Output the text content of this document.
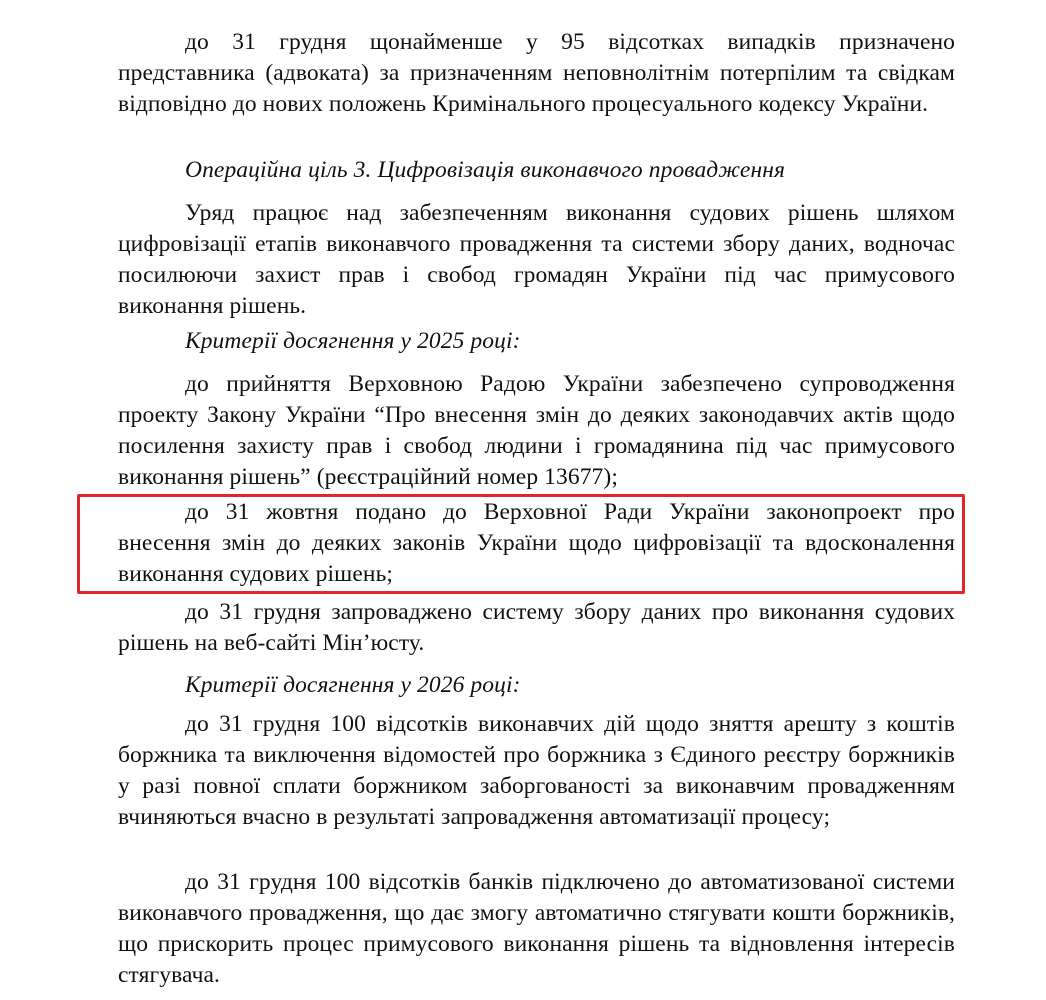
до 31 грудня щонайменше у 95 відсотках випадків призначено представника (адвоката) за призначенням неповнолітнім потерпілим та свідкам відповідно до нових положень Кримінального процесуального кодексу України.

Операційна ціль 3. Цифровізація виконавчого провадження

Уряд працює над забезпеченням виконання судових рішень шляхом цифровізації етапів виконавчого провадження та системи збору даних, водночас посилюючи захист прав і свобод громадян України під час примусового виконання рішень.

Критерії досягнення у 2025 році:

до прийняття Верховною Радою України забезпечено супроводження проекту Закону України “Про внесення змін до деяких законодавчих актів щодо посилення захисту прав і свобод людини і громадянина під час примусового виконання рішень” (реєстраційний номер 13677);

до 31 жовтня подано до Верховної Ради України законопроект про внесення змін до деяких законів України щодо цифровізації та вдосконалення виконання судових рішень;

до 31 грудня запроваджено систему збору даних про виконання судових рішень на веб-сайті Мін’юсту.

Критерії досягнення у 2026 році:

до 31 грудня 100 відсотків виконавчих дій щодо зняття арешту з коштів боржника та виключення відомостей про боржника з Єдиного реєстру боржників у разі повної сплати боржником заборгованості за виконавчим провадженням вчиняються вчасно в результаті запровадження автоматизації процесу;

до 31 грудня 100 відсотків банків підключено до автоматизованої системи виконавчого провадження, що дає змогу автоматично стягувати кошти боржників, що прискорить процес примусового виконання рішень та відновлення інтересів стягувача.
